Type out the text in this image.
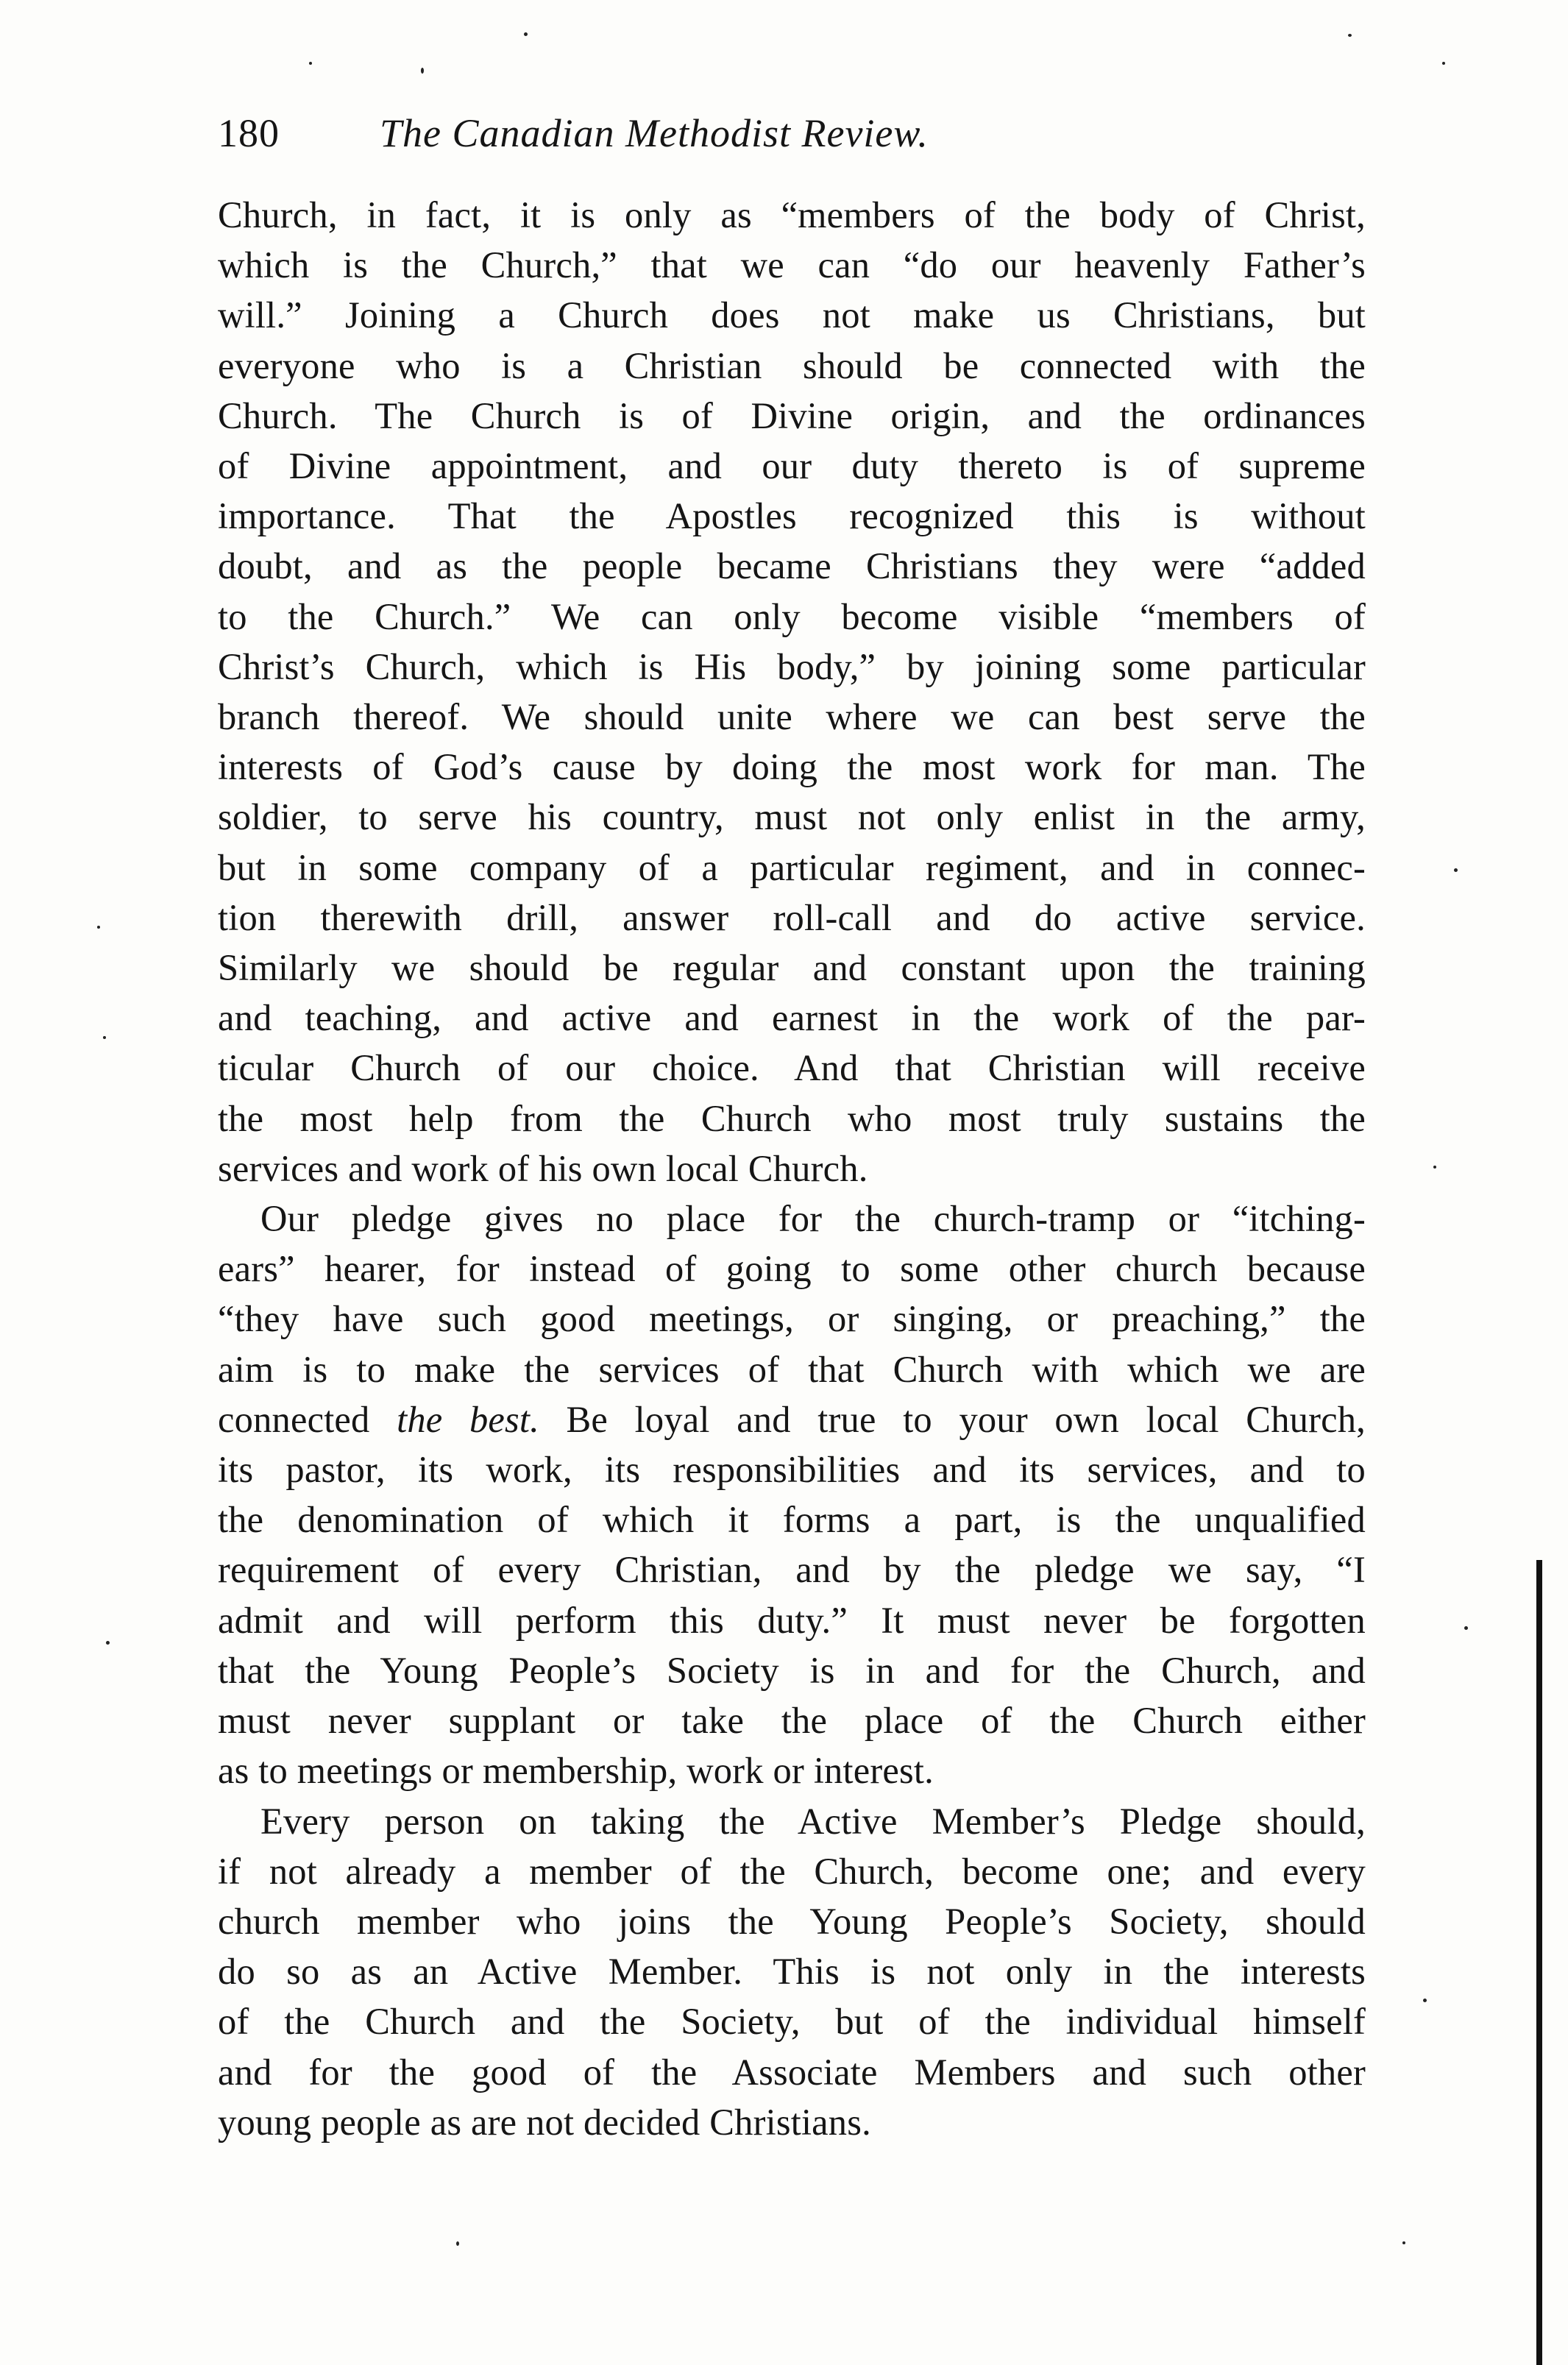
180	The Canadian Methodist Review.

Church, in fact, it is only as “members of the body of Christ,

which is the Church,” that we can “do our heavenly Father’s

will.” Joining a Church does not make us Christians, but

everyone who is a Christian should be connected with the

Church. The Church is of Divine origin, and the ordinances

of Divine appointment, and our duty thereto is of supreme

importance. That the Apostles recognized this is without

doubt, and as the people became Christians they were “added

to the Church.” We can only become visible “members of

Christ’s Church, which is His body,” by joining some particular

branch thereof. We should unite where we can best serve the

interests of God’s cause by doing the most work for man. The

soldier, to serve his country, must not only enlist in the army,

but in some company of a particular regiment, and in connec-

tion therewith drill, answer roll-call and do active service.

Similarly we should be regular and constant upon the training

and teaching, and active and earnest in the work of the par-

ticular Church of our choice. And that Christian will receive

the most help from the Church who most truly sustains the

services and work of his own local Church.

Our pledge gives no place for the church-tramp or “itching-

ears” hearer, for instead of going to some other church because

“they have such good meetings, or singing, or preaching,” the

aim is to make the services of that Church with which we are

connected the best. Be loyal and true to your own local Church,

its pastor, its work, its responsibilities and its services, and to

the denomination of which it forms a part, is the unqualified

requirement of every Christian, and by the pledge we say, “I

admit and will perform this duty.” It must never be forgotten

that the Young People’s Society is in and for the Church, and

must never supplant or take the place of the Church either

as to meetings or membership, work or interest.

Every person on taking the Active Member’s Pledge should,

if not already a member of the Church, become one; and every

church member who joins the Young People’s Society, should

do so as an Active Member. This is not only in the interests

of the Church and the Society, but of the individual himself

and for the good of the Associate Members and such other

young people as are not decided Christians.
